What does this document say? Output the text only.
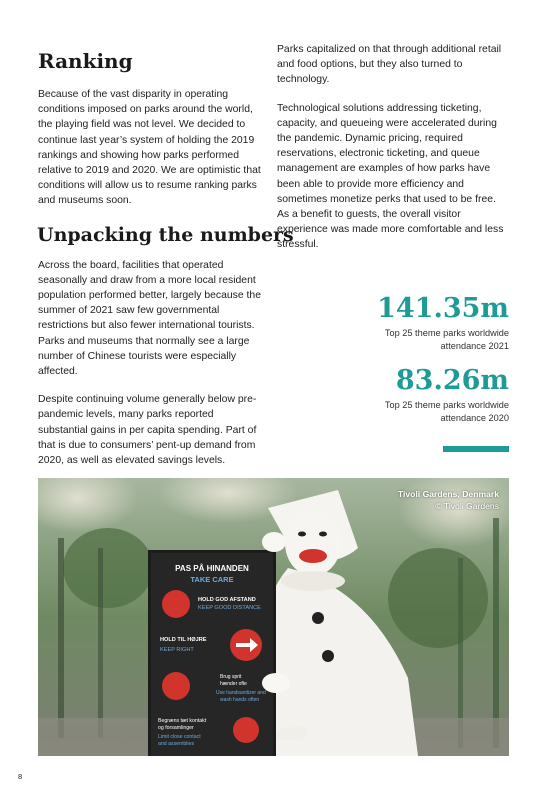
Ranking

Because of the vast disparity in operating conditions imposed on parks around the world, the playing field was not level. We decided to continue last year’s system of holding the 2019 rankings and showing how parks performed relative to 2019 and 2020. We are optimistic that conditions will allow us to resume ranking parks and museums soon.

Unpacking the numbers

Across the board, facilities that operated seasonally and draw from a more local resident population performed better, largely because the summer of 2021 saw few governmental restrictions but also fewer international tourists. Parks and museums that normally see a large number of Chinese tourists were especially affected.

Despite continuing volume generally below pre-pandemic levels, many parks reported substantial gains in per capita spending. Part of that is due to consumers’ pent-up demand from 2020, as well as elevated savings levels.

Parks capitalized on that through additional retail and food options, but they also turned to technology.

Technological solutions addressing ticketing, capacity, and queueing were accelerated during the pandemic. Dynamic pricing, required reservations, electronic ticketing, and queue management are examples of how parks have been able to provide more efficiency and sometimes monetize perks that used to be free. As a benefit to guests, the overall visitor experience was made more comfortable and less stressful.

141.35m
Top 25 theme parks worldwide
attendance 2021
83.26m
Top 25 theme parks worldwide
attendance 2020
PAS PÅ HINANDEN
TAKE CARE
HOLD GOD AFSTAND
KEEP GOOD DISTANCE
HOLD TIL HØJRE
KEEP RIGHT
Brug sprit
hænder ofte
Use handsanitizer and
wash hands often
Begræns tæt kontakt
og forsamlinger
Limit close contact
and assemblies
Tivoli Gardens, Denmark
© Tivoli Gardens
8
